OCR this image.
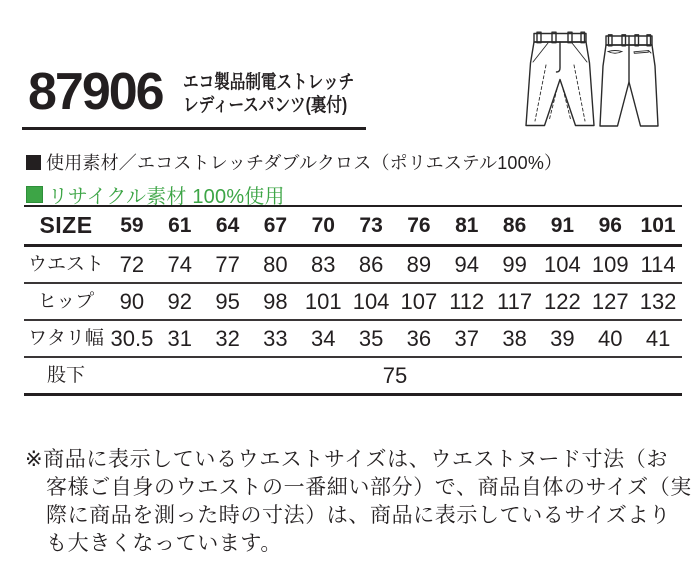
87906 エコ製品制電ストレッチ
レディースパンツ(裏付)
使用素材／エコストレッチダブルクロス（ポリエステル100%）
リサイクル素材 100%使用
SIZE	59	61	64	67	70	73	76	81	86	91	96 101
ウエスト 72	74	77	80	83	86	89	94	99 104 109 114
ヒップ	90	92	95	98 101 104 107 112 117 122 127 132
ワタリ幅 30.5 31	32	33	34	35	36	37	38	39	40	41
股下	75
※商品に表示しているウエストサイズは、ウエストヌード寸法（お
客様ご自身のウエストの一番細い部分）で、商品自体のサイズ（実
際に商品を測った時の寸法）は、商品に表示しているサイズより
も大きくなっています。
